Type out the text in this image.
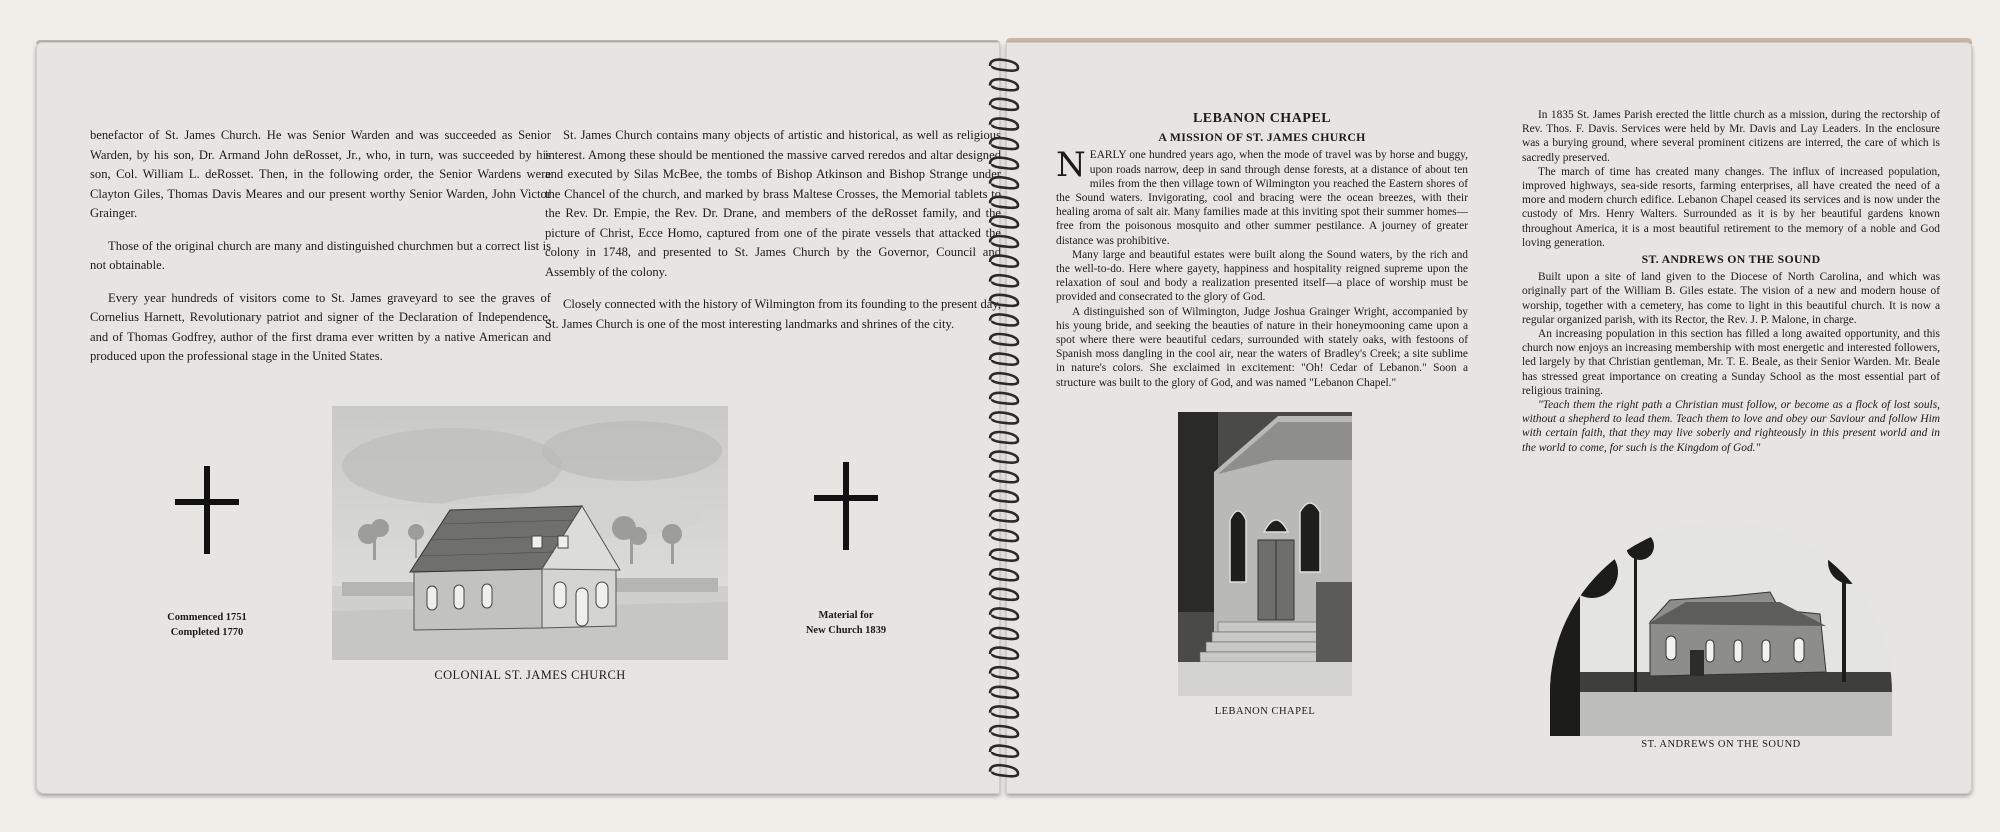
benefactor of St. James Church. He was Senior Warden and was succeeded as Senior Warden, by his son, Dr. Armand John deRosset, Jr., who, in turn, was succeeded by his son, Col. William L. deRosset. Then, in the following order, the Senior Wardens were Clayton Giles, Thomas Davis Meares and our present worthy Senior Warden, John Victor Grainger.

Those of the original church are many and distinguished churchmen but a correct list is not obtainable.

Every year hundreds of visitors come to St. James graveyard to see the graves of Cornelius Harnett, Revolutionary patriot and signer of the Declaration of Independence, and of Thomas Godfrey, author of the first drama ever written by a native American and produced upon the professional stage in the United States.

St. James Church contains many objects of artistic and historical, as well as religious interest. Among these should be mentioned the massive carved reredos and altar designed and executed by Silas McBee, the tombs of Bishop Atkinson and Bishop Strange under the Chancel of the church, and marked by brass Maltese Crosses, the Memorial tablets to the Rev. Dr. Empie, the Rev. Dr. Drane, and members of the deRosset family, and the picture of Christ, Ecce Homo, captured from one of the pirate vessels that attacked the colony in 1748, and presented to St. James Church by the Governor, Council and Assembly of the colony.

Closely connected with the history of Wilmington from its founding to the present day, St. James Church is one of the most interesting landmarks and shrines of the city.

Commenced 1751
Completed 1770
COLONIAL ST. JAMES CHURCH
Material for
New Church 1839

LEBANON CHAPEL

A MISSION OF ST. JAMES CHURCH

NEARLY one hundred years ago, when the mode of travel was by horse and buggy, upon roads narrow, deep in sand through dense forests, at a distance of about ten miles from the then village town of Wilmington you reached the Eastern shores of the Sound waters. Invigorating, cool and bracing were the ocean breezes, with their healing aroma of salt air. Many families made at this inviting spot their summer homes—free from the poisonous mosquito and other summer pestilance. A journey of greater distance was prohibitive.

Many large and beautiful estates were built along the Sound waters, by the rich and the well-to-do. Here where gayety, happiness and hospitality reigned supreme upon the relaxation of soul and body a realization presented itself—a place of worship must be provided and consecrated to the glory of God.

A distinguished son of Wilmington, Judge Joshua Grainger Wright, accompanied by his young bride, and seeking the beauties of nature in their honeymooning came upon a spot where there were beautiful cedars, surrounded with stately oaks, with festoons of Spanish moss dangling in the cool air, near the waters of Bradley's Creek; a site sublime in nature's colors. She exclaimed in excitement: "Oh! Cedar of Lebanon." Soon a structure was built to the glory of God, and was named "Lebanon Chapel."

In 1835 St. James Parish erected the little church as a mission, during the rectorship of Rev. Thos. F. Davis. Services were held by Mr. Davis and Lay Leaders. In the enclosure was a burying ground, where several prominent citizens are interred, the care of which is sacredly preserved.

The march of time has created many changes. The influx of increased population, improved highways, sea-side resorts, farming enterprises, all have created the need of a more and modern church edifice. Lebanon Chapel ceased its services and is now under the custody of Mrs. Henry Walters. Surrounded as it is by her beautiful gardens known throughout America, it is a most beautiful retirement to the memory of a noble and God loving generation.

ST. ANDREWS ON THE SOUND

Built upon a site of land given to the Diocese of North Carolina, and which was originally part of the William B. Giles estate. The vision of a new and modern house of worship, together with a cemetery, has come to light in this beautiful church. It is now a regular organized parish, with its Rector, the Rev. J. P. Malone, in charge.

An increasing population in this section has filled a long awaited opportunity, and this church now enjoys an increasing membership with most energetic and interested followers, led largely by that Christian gentleman, Mr. T. E. Beale, as their Senior Warden. Mr. Beale has stressed great importance on creating a Sunday School as the most essential part of religious training.

"Teach them the right path a Christian must follow, or become as a flock of lost souls, without a shepherd to lead them. Teach them to love and obey our Saviour and follow Him with certain faith, that they may live soberly and righteously in this present world and in the world to come, for such is the Kingdom of God."

LEBANON CHAPEL
ST. ANDREWS ON THE SOUND
